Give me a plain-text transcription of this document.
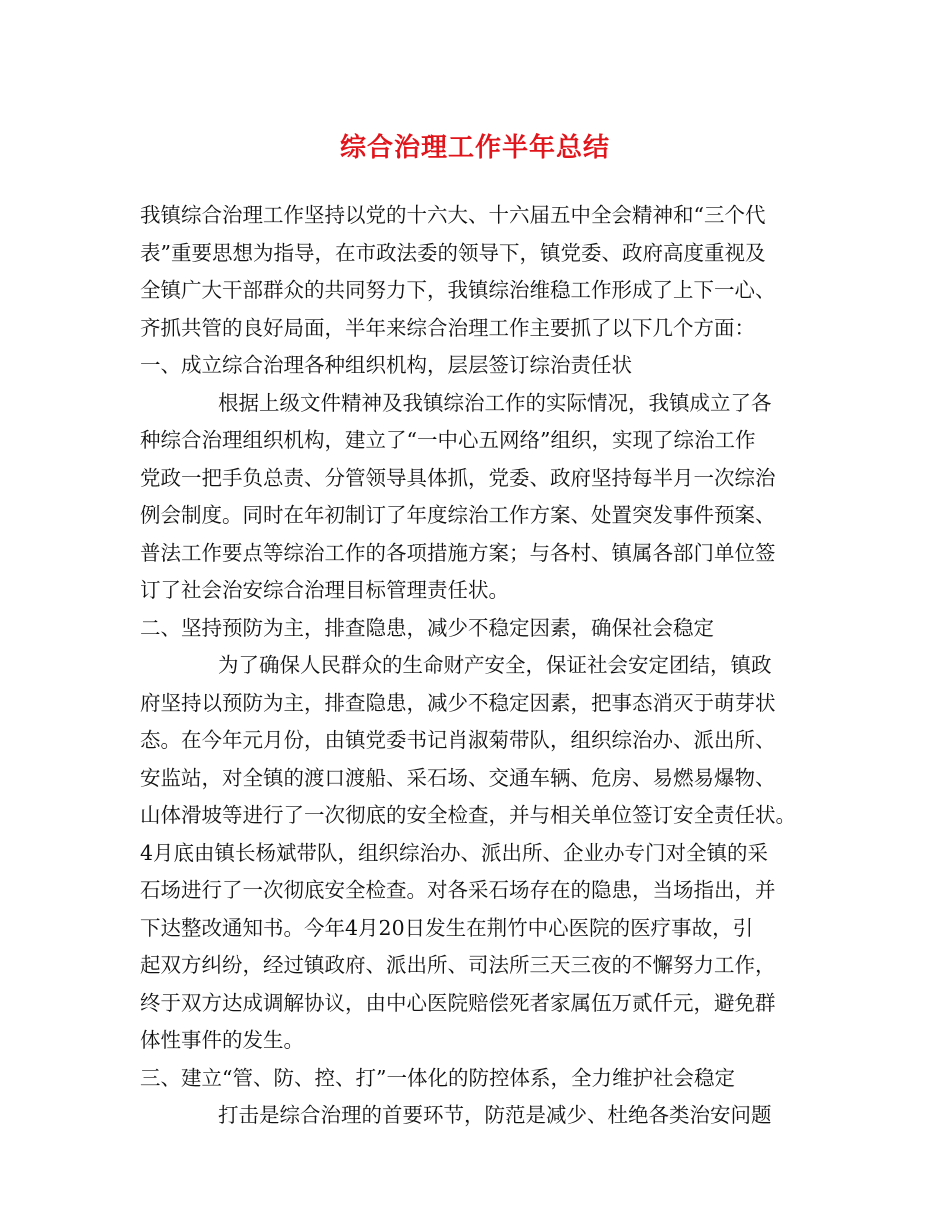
综合治理工作半年总结
我镇综合治理工作坚持以党的十六大、十六届五中全会精神和“三个代
表”重要思想为指导，在市政法委的领导下，镇党委、政府高度重视及
全镇广大干部群众的共同努力下，我镇综治维稳工作形成了上下一心、
齐抓共管的良好局面，半年来综合治理工作主要抓了以下几个方面：
一、成立综合治理各种组织机构，层层签订综治责任状
根据上级文件精神及我镇综治工作的实际情况，我镇成立了各
种综合治理组织机构，建立了“一中心五网络”组织，实现了综治工作
党政一把手负总责、分管领导具体抓，党委、政府坚持每半月一次综治
例会制度。同时在年初制订了年度综治工作方案、处置突发事件预案、
普法工作要点等综治工作的各项措施方案；与各村、镇属各部门单位签
订了社会治安综合治理目标管理责任状。
二、坚持预防为主，排查隐患，减少不稳定因素，确保社会稳定
为了确保人民群众的生命财产安全，保证社会安定团结，镇政
府坚持以预防为主，排查隐患，减少不稳定因素，把事态消灭于萌芽状
态。在今年元月份，由镇党委书记肖淑菊带队，组织综治办、派出所、
安监站，对全镇的渡口渡船、采石场、交通车辆、危房、易燃易爆物、
山体滑坡等进行了一次彻底的安全检查，并与相关单位签订安全责任状。
4月底由镇长杨斌带队，组织综治办、派出所、企业办专门对全镇的采
石场进行了一次彻底安全检查。对各采石场存在的隐患，当场指出，并
下达整改通知书。今年4月20日发生在荆竹中心医院的医疗事故，引
起双方纠纷，经过镇政府、派出所、司法所三天三夜的不懈努力工作，
终于双方达成调解协议，由中心医院赔偿死者家属伍万贰仟元，避免群
体性事件的发生。
三、建立“管、防、控、打”一体化的防控体系，全力维护社会稳定
打击是综合治理的首要环节，防范是减少、杜绝各类治安问题
